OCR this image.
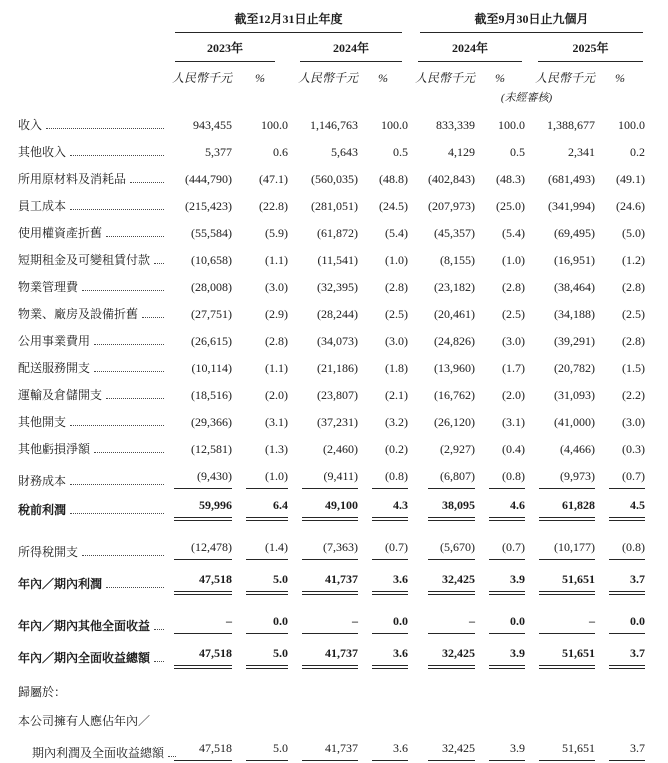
	截至12月31日止年度				截至9月30日止九個月			

	2023年		2024年		2024年		2025年	

	人民幣千元	%	人民幣千元	%	人民幣千元	%	人民幣千元	%
					(未經審核)			

收入	943,455	100.0	1,146,763	100.0	833,339	100.0	1,388,677	100.0

其他收入	5,377	0.6	5,643	0.5	4,129	0.5	2,341	0.2

所用原材料及消耗品	(444,790)	(47.1)	(560,035)	(48.8)	(402,843)	(48.3)	(681,493)	(49.1)

員工成本	(215,423)	(22.8)	(281,051)	(24.5)	(207,973)	(25.0)	(341,994)	(24.6)

使用權資產折舊	(55,584)	(5.9)	(61,872)	(5.4)	(45,357)	(5.4)	(69,495)	(5.0)

短期租金及可變租賃付款	(10,658)	(1.1)	(11,541)	(1.0)	(8,155)	(1.0)	(16,951)	(1.2)

物業管理費	(28,008)	(3.0)	(32,395)	(2.8)	(23,182)	(2.8)	(38,464)	(2.8)

物業、廠房及設備折舊	(27,751)	(2.9)	(28,244)	(2.5)	(20,461)	(2.5)	(34,188)	(2.5)

公用事業費用	(26,615)	(2.8)	(34,073)	(3.0)	(24,826)	(3.0)	(39,291)	(2.8)

配送服務開支	(10,114)	(1.1)	(21,186)	(1.8)	(13,960)	(1.7)	(20,782)	(1.5)

運輸及倉儲開支	(18,516)	(2.0)	(23,807)	(2.1)	(16,762)	(2.0)	(31,093)	(2.2)

其他開支	(29,366)	(3.1)	(37,231)	(3.2)	(26,120)	(3.1)	(41,000)	(3.0)

其他虧損淨額	(12,581)	(1.3)	(2,460)	(0.2)	(2,927)	(0.4)	(4,466)	(0.3)

財務成本	(9,430)	(1.0)	(9,411)	(0.8)	(6,807)	(0.8)	(9,973)	(0.7)

稅前利潤	59,996	6.4	49,100	4.3	38,095	4.6	61,828	4.5

所得稅開支	(12,478)	(1.4)	(7,363)	(0.7)	(5,670)	(0.7)	(10,177)	(0.8)

年內／期內利潤	47,518	5.0	41,737	3.6	32,425	3.9	51,651	3.7

年內／期內其他全面收益	–	0.0	–	0.0	–	0.0	–	0.0

年內／期內全面收益總額	47,518	5.0	41,737	3.6	32,425	3.9	51,651	3.7

歸屬於：								
本公司擁有人應佔年內／								

期內利潤及全面收益總額	47,518	5.0	41,737	3.6	32,425	3.9	51,651	3.7
